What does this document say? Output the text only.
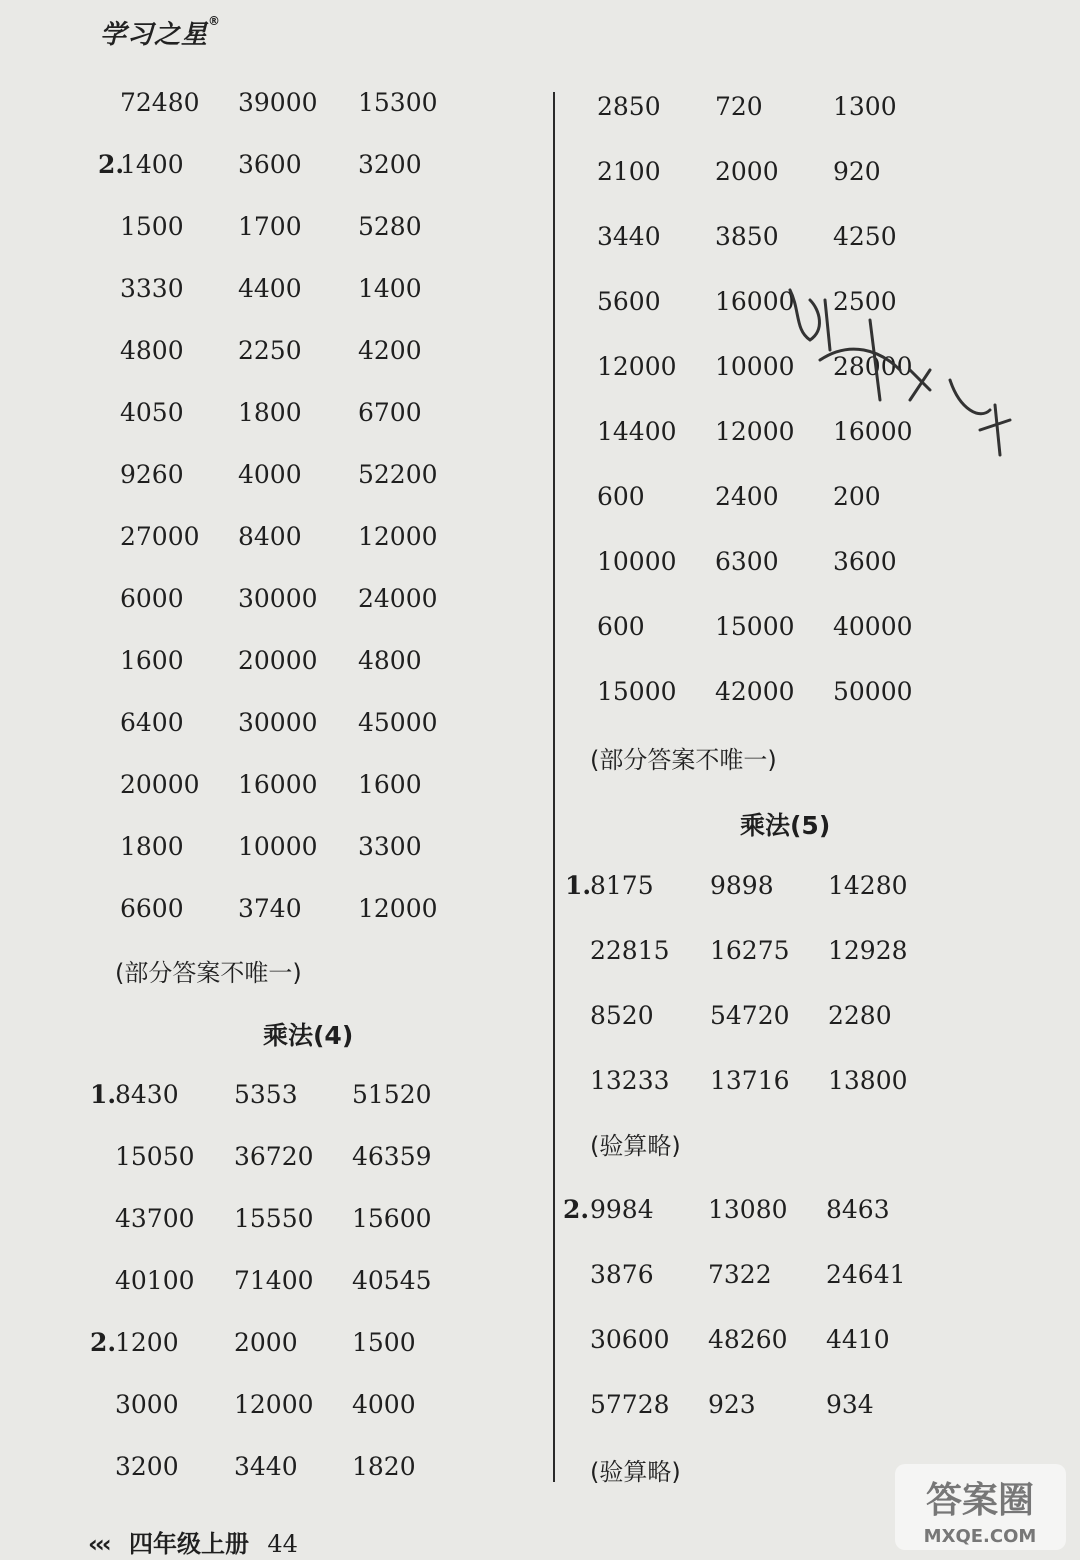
学习之星®
72480 39000 15300
2.
1400 3600 3200
1500 1700 5280
3330 4400 1400
4800 2250 4200
4050 1800 6700
9260 4000 52200
27000 8400 12000
6000 30000 24000
1600 20000 4800
6400 30000 45000
20000 16000 1600
1800 10000 3300
6600 3740 12000
1.
8430 5353 51520
15050 36720 46359
43700 15550 15600
40100 71400 40545
2.
1200 2000 1500
3000 12000 4000
3200 3440 1820
(部分答案不唯一)
乘法(4)
2850 720	1300
2100 2000 920
3440 3850 4250
5600 16000 2500
12000 10000 28000
14400 12000 16000
600	2400 200
10000 6300 3600
600	15000 40000
15000 42000 50000
1.
8175 9898 14280
22815 16275 12928
8520 54720 2280
13233 13716 13800
2. 9984 13080 8463
3876 7322 24641
30600 48260 4410
57728 923	934
(部分答案不唯一)
乘法(5)
(验算略)
(验算略)
‹‹‹ 四年级上册 44
答案圈
MXQE.COM
